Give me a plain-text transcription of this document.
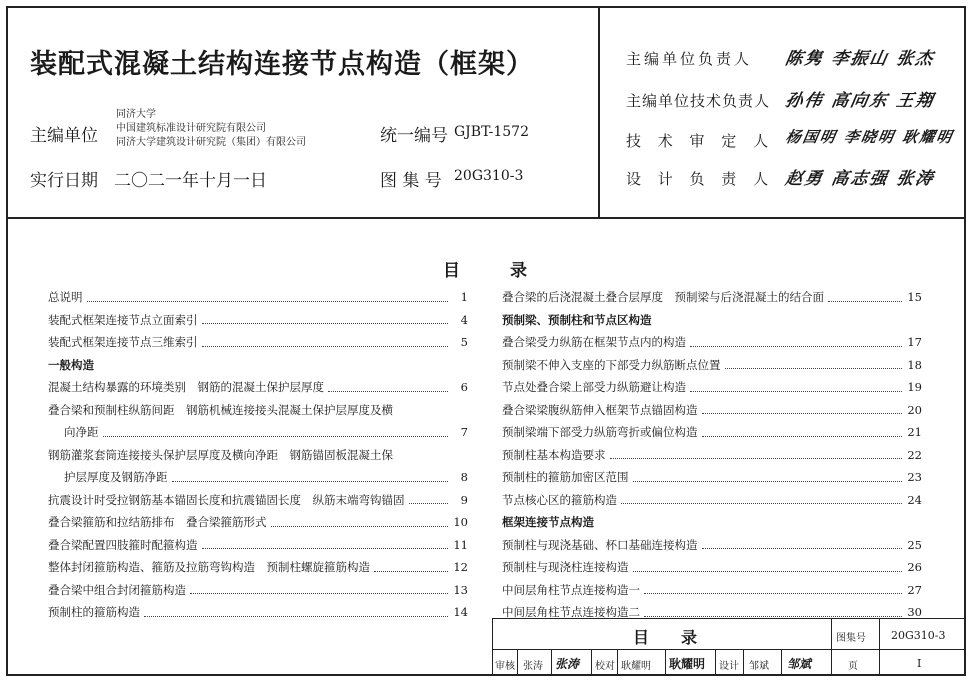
装配式混凝土结构连接节点构造（框架）
主编单位
同济大学
中国建筑标准设计研究院有限公司
同济大学建筑设计研究院（集团）有限公司	统一编号 GJBT-1572
实行日期 二〇二一年十月一日	图 集 号 20G310-3
主编单位负责人 陈隽 李振山 张杰
主编单位技术负责人 孙伟 高向东 王翔
技 术 审 定 人 杨国明 李晓明 耿耀明
设 计 负 责 人 赵勇 高志强 张涛
目	录
总说明	1
装配式框架连接节点立面索引	4
装配式框架连接节点三维索引	5
一般构造
混凝土结构暴露的环境类别　钢筋的混凝土保护层厚度	6
叠合梁和预制柱纵筋间距　钢筋机械连接接头混凝土保护层厚度及横
向净距	7
钢筋灌浆套筒连接接头保护层厚度及横向净距　钢筋锚固板混凝土保
护层厚度及钢筋净距	8
抗震设计时受拉钢筋基本锚固长度和抗震锚固长度　纵筋末端弯钩锚固	9
叠合梁箍筋和拉结筋排布　叠合梁箍筋形式	10
叠合梁配置四肢箍时配箍构造	11
整体封闭箍筋构造、箍筋及拉筋弯钩构造　预制柱螺旋箍筋构造	12
叠合梁中组合封闭箍筋构造	13
预制柱的箍筋构造	14
叠合梁的后浇混凝土叠合层厚度　预制梁与后浇混凝土的结合面	15
预制梁、预制柱和节点区构造
叠合梁受力纵筋在框架节点内的构造	17
预制梁不伸入支座的下部受力纵筋断点位置	18
节点处叠合梁上部受力纵筋避让构造	19
叠合梁梁腹纵筋伸入框架节点锚固构造	20
预制梁端下部受力纵筋弯折或偏位构造	21
预制柱基本构造要求	22
预制柱的箍筋加密区范围	23
节点核心区的箍筋构造	24
框架连接节点构造
预制柱与现浇基础、杯口基础连接构造	25
预制柱与现浇柱连接构造	26
中间层角柱节点连接构造一	27
中间层角柱节点连接构造二	30
目　　录	图集号 20G310-3
审核 张涛 张涛 校对 耿耀明 耿耀明 设计 邹斌 邹斌	页	I
